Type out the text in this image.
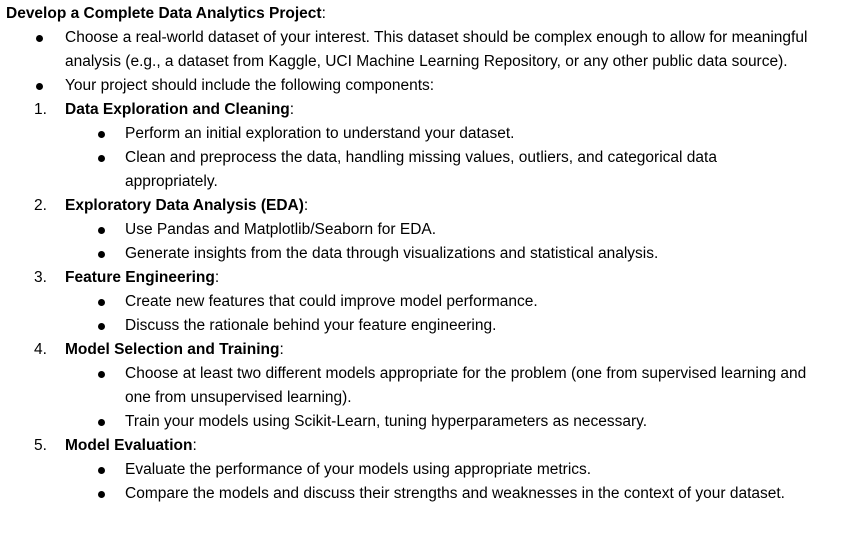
Develop a Complete Data Analytics Project:

Choose a real-world dataset of your interest. This dataset should be complex enough to allow for meaningful analysis (e.g., a dataset from Kaggle, UCI Machine Learning Repository, or any other public data source).
Your project should include the following components:
1. Data Exploration and Cleaning:
Perform an initial exploration to understand your dataset.
Clean and preprocess the data, handling missing values, outliers, and categorical data appropriately.
2. Exploratory Data Analysis (EDA):
Use Pandas and Matplotlib/Seaborn for EDA.
Generate insights from the data through visualizations and statistical analysis.
3. Feature Engineering:
Create new features that could improve model performance.
Discuss the rationale behind your feature engineering.
4. Model Selection and Training:
Choose at least two different models appropriate for the problem (one from supervised learning and one from unsupervised learning).
Train your models using Scikit-Learn, tuning hyperparameters as necessary.
5. Model Evaluation:
Evaluate the performance of your models using appropriate metrics.
Compare the models and discuss their strengths and weaknesses in the context of your dataset.
